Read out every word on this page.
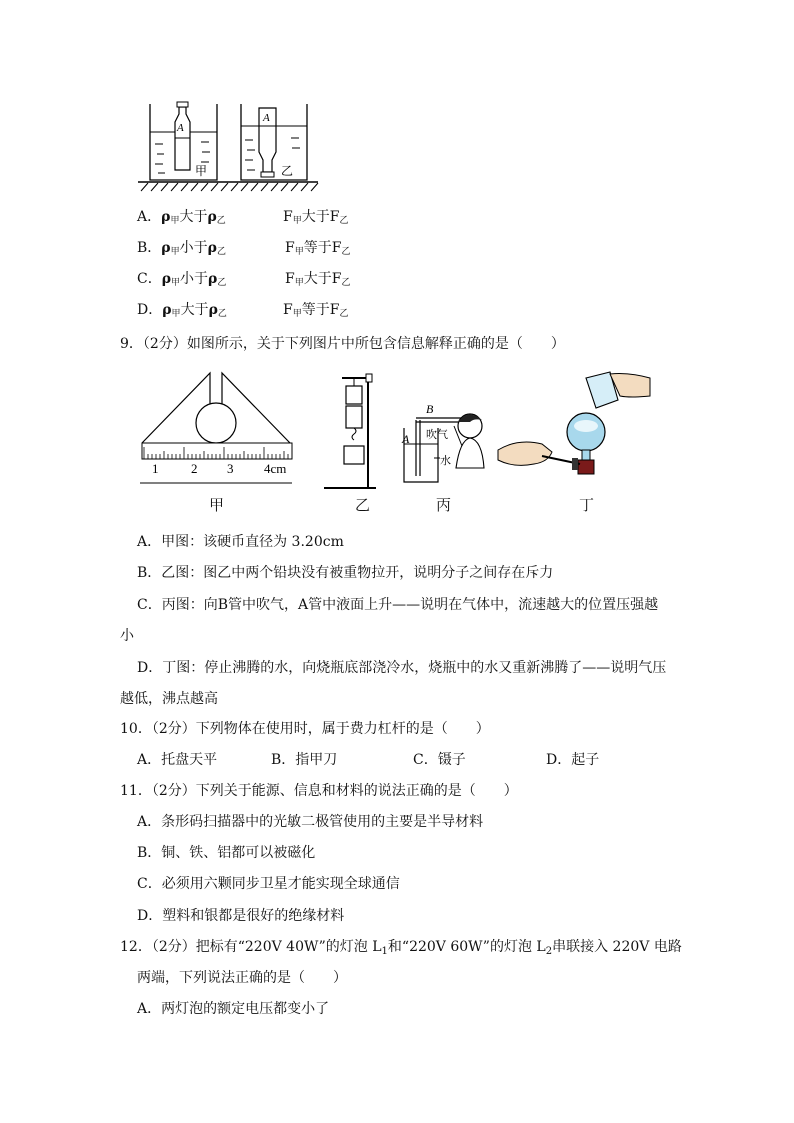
A
甲
A
乙
A．ρ甲大于ρ乙	F甲大于F乙
B．ρ甲小于ρ乙	F甲等于F乙
C．ρ甲小于ρ乙	F甲大于F乙
D．ρ甲大于ρ乙	F甲等于F乙
9．（2分）如图所示，关于下列图片中所包含信息解释正确的是（　　）
1	2 3 4cm
B
A 吹气
水
甲	乙	丙	丁
A．甲图：该硬币直径为 3.20cm
B．乙图：图乙中两个铅块没有被重物拉开，说明分子之间存在斥力
C．丙图：向B管中吹气，A管中液面上升——说明在气体中，流速越大的位置压强越
小
D．丁图：停止沸腾的水，向烧瓶底部浇冷水，烧瓶中的水又重新沸腾了——说明气压
越低，沸点越高
10．（2分）下列物体在使用时，属于费力杠杆的是（　　）
A．托盘天平	B．指甲刀	C．镊子	D．起子
11．（2分）下列关于能源、信息和材料的说法正确的是（　　）
A．条形码扫描器中的光敏二极管使用的主要是半导材料
B．铜、铁、铝都可以被磁化
C．必须用六颗同步卫星才能实现全球通信
D．塑料和银都是很好的绝缘材料
12．（2分）把标有“220V 40W”的灯泡 $L_1$和“220V 60W”的灯泡 $L_2$串联接入 220V 电路
两端，下列说法正确的是（　　）
A．两灯泡的额定电压都变小了
